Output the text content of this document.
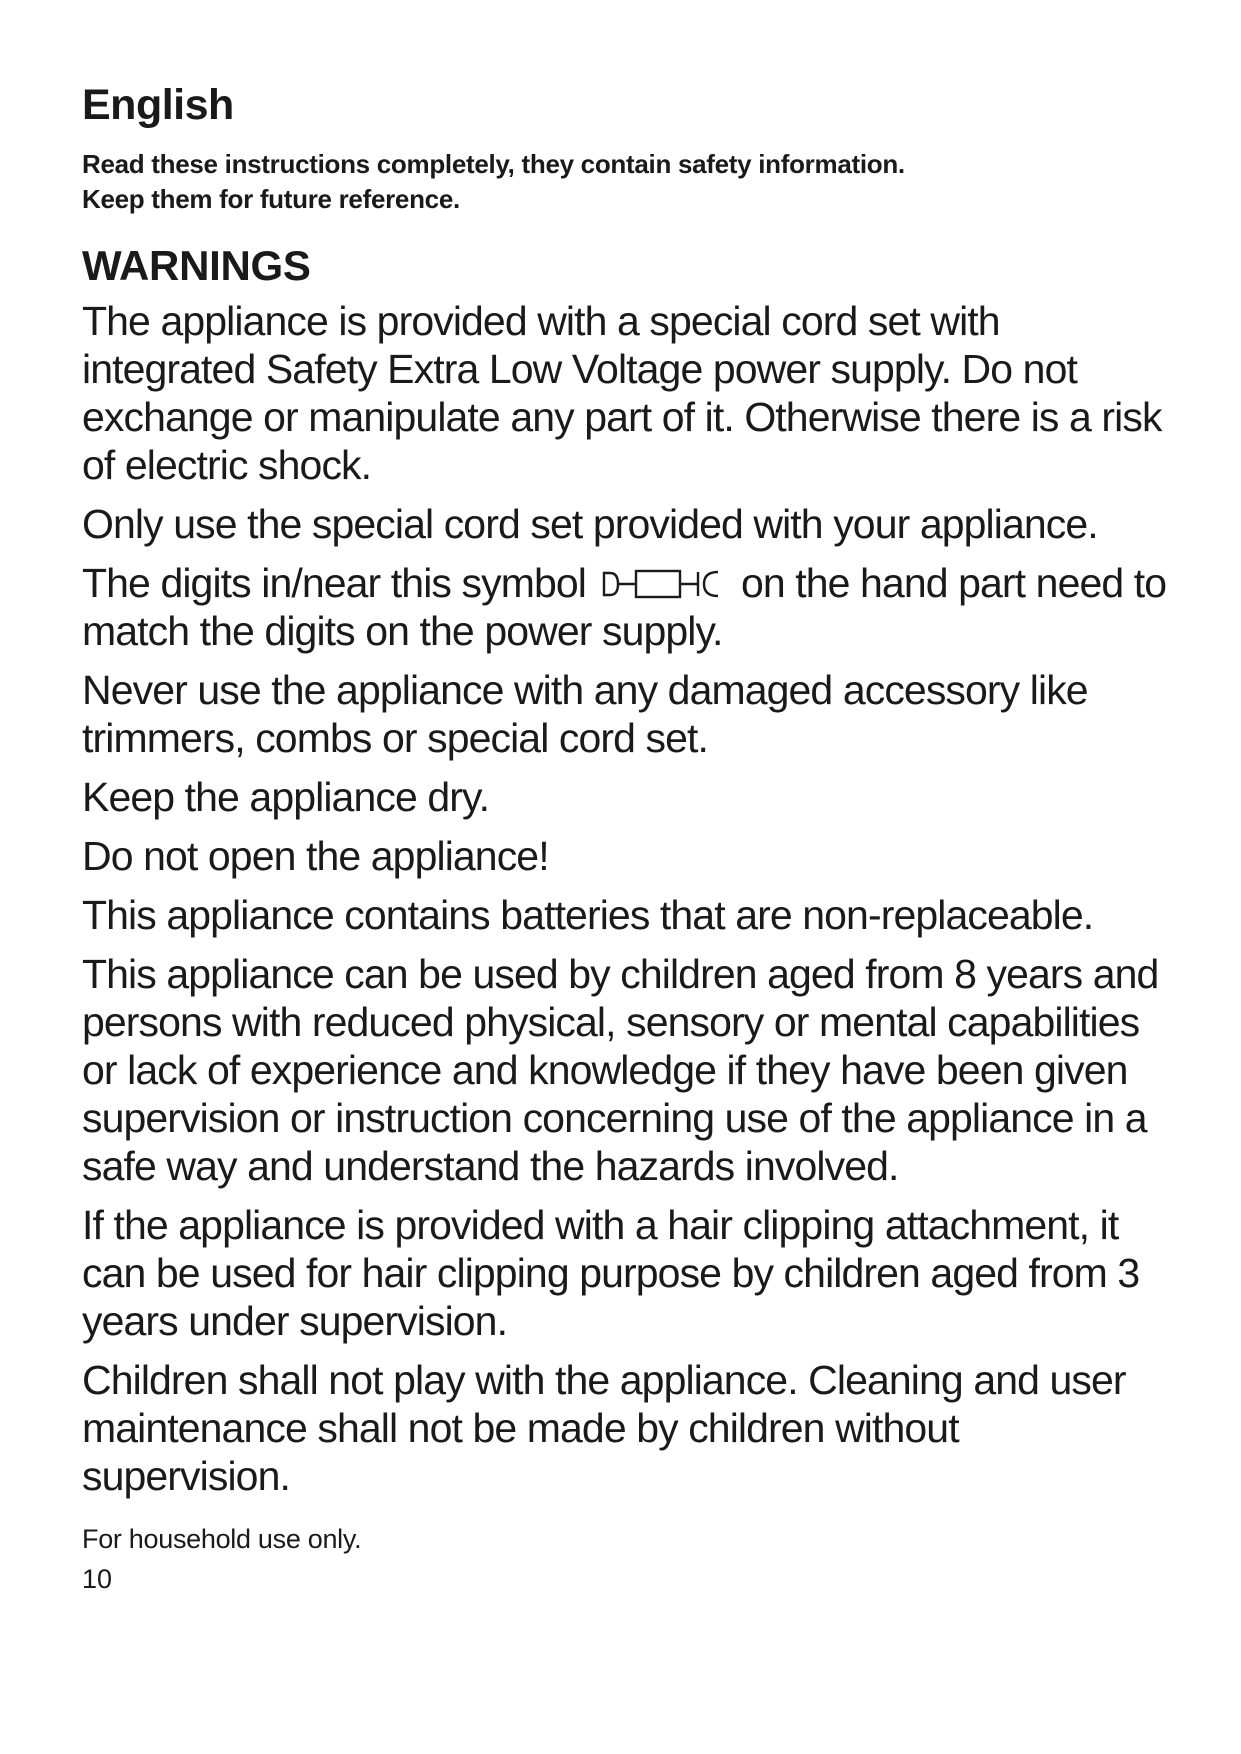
English
Read these instructions completely, they contain safety information.
Keep them for future reference.
WARNINGS

The appliance is provided with a special cord set with integrated Safety Extra Low Voltage power supply. Do not exchange or manipulate any part of it. Otherwise there is a risk of electric shock.

Only use the special cord set provided with your appliance.

The digits in/near this symbol	on the hand part need to match the digits on the power supply.

Never use the appliance with any damaged accessory like trimmers, combs or special cord set.

Keep the appliance dry.

Do not open the appliance!

This appliance contains batteries that are non-replaceable.

This appliance can be used by children aged from 8 years and persons with reduced physical, sensory or mental capabilities or lack of experience and knowledge if they have been given supervision or instruction concerning use of the appliance in a safe way and understand the hazards involved.

If the appliance is provided with a hair clipping attachment, it can be used for hair clipping purpose by children aged from 3 years under supervision.

Children shall not play with the appliance. Cleaning and user maintenance shall not be made by children without supervision.

For household use only.

10
